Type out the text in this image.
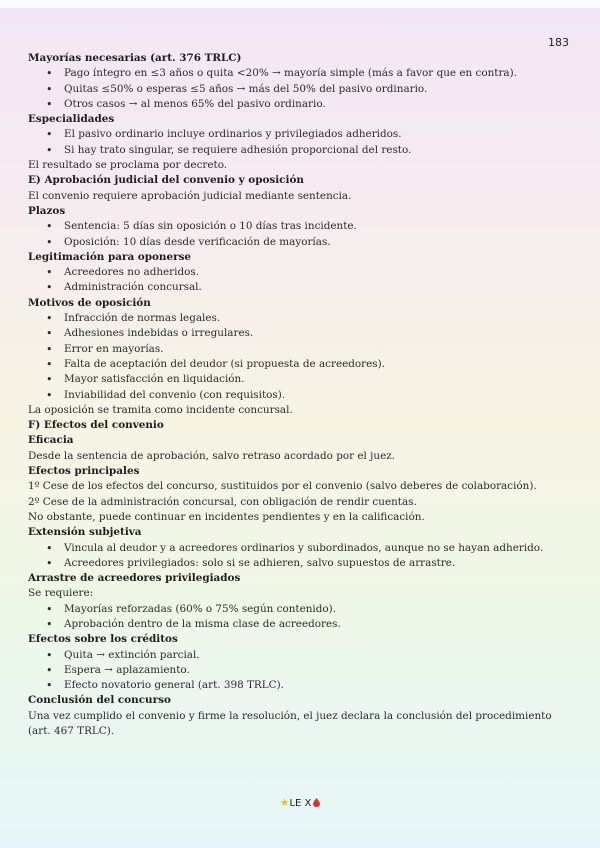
183
Mayorías necesarias (art. 376 TRLC)
• Pago íntegro en ≤3 años o quita <20% → mayoría simple (más a favor que en contra).
• Quitas ≤50% o esperas ≤5 años → más del 50% del pasivo ordinario.
• Otros casos → al menos 65% del pasivo ordinario.
Especialidades
• El pasivo ordinario incluye ordinarios y privilegiados adheridos.
• Si hay trato singular, se requiere adhesión proporcional del resto.
El resultado se proclama por decreto.
E) Aprobación judicial del convenio y oposición
El convenio requiere aprobación judicial mediante sentencia.
Plazos
• Sentencia: 5 días sin oposición o 10 días tras incidente.
• Oposición: 10 días desde verificación de mayorías.
Legitimación para oponerse
• Acreedores no adheridos.
• Administración concursal.
Motivos de oposición
• Infracción de normas legales.
• Adhesiones indebidas o irregulares.
• Error en mayorías.
• Falta de aceptación del deudor (si propuesta de acreedores).
• Mayor satisfacción en liquidación.
• Inviabilidad del convenio (con requisitos).
La oposición se tramita como incidente concursal.
F) Efectos del convenio
Eficacia
Desde la sentencia de aprobación, salvo retraso acordado por el juez.
Efectos principales
1º Cese de los efectos del concurso, sustituidos por el convenio (salvo deberes de colaboración).
2º Cese de la administración concursal, con obligación de rendir cuentas.
No obstante, puede continuar en incidentes pendientes y en la calificación.
Extensión subjetiva
• Vincula al deudor y a acreedores ordinarios y subordinados, aunque no se hayan adherido.
• Acreedores privilegiados: solo si se adhieren, salvo supuestos de arrastre.
Arrastre de acreedores privilegiados
Se requiere:
• Mayorías reforzadas (60% o 75% según contenido).
• Aprobación dentro de la misma clase de acreedores.
Efectos sobre los créditos
• Quita → extinción parcial.
• Espera → aplazamiento.
• Efecto novatorio general (art. 398 TRLC).
Conclusión del concurso
Una vez cumplido el convenio y firme la resolución, el juez declara la conclusión del procedimiento (art. 467 TRLC).
★LE X
